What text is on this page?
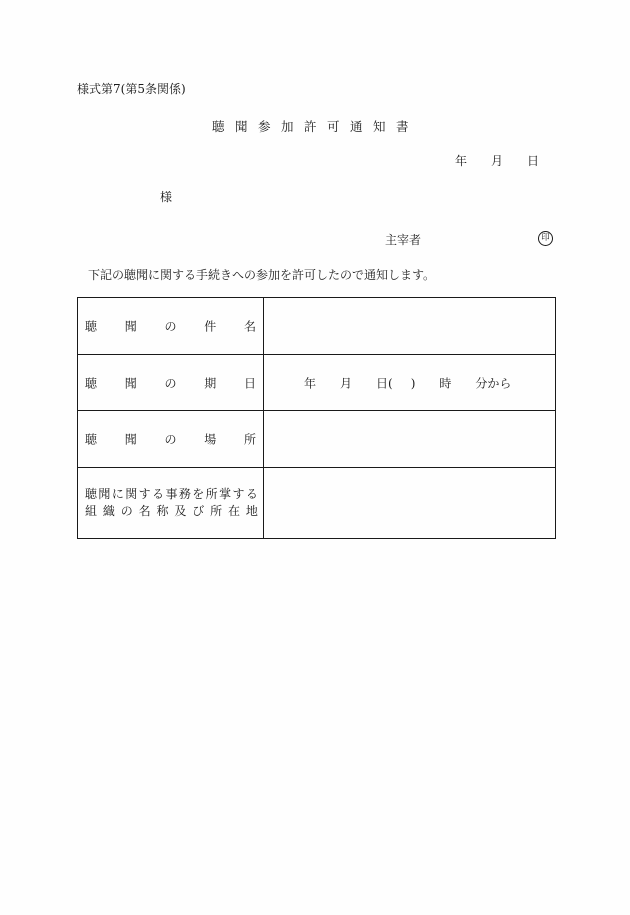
様式第7(第5条関係)
聴聞参加許可通知書
年 月 日
様
主宰者	印
下記の聴聞に関する手続きへの参加を許可したので通知します。
聴 聞 の 件 名
聴 聞 の 期 日	年 月 日( ) 時 分から
聴 聞 の 場 所
聴 聞 に 関 す る 事 務 を 所 掌 す る
組 織 の 名 称 及 び 所 在 地
